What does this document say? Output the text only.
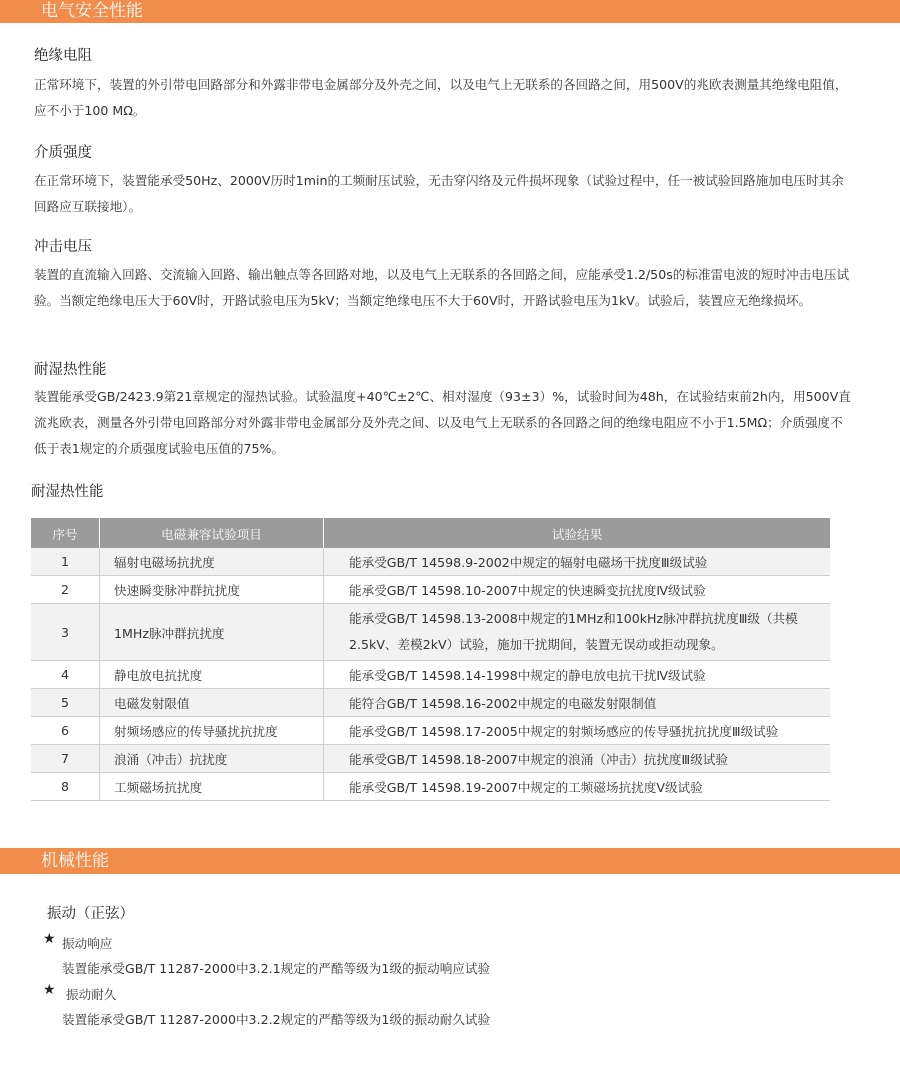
电气安全性能
绝缘电阻
正常环境下，装置的外引带电回路部分和外露非带电金属部分及外壳之间，以及电气上无联系的各回路之间，用500V的兆欧表测量其绝缘电阻值，应不小于100 MΩ。
介质强度
在正常环境下，装置能承受50Hz、2000V历时1min的工频耐压试验，无击穿闪络及元件损坏现象（试验过程中，任一被试验回路施加电压时其余回路应互联接地）。
冲击电压
装置的直流输入回路、交流输入回路、输出触点等各回路对地，以及电气上无联系的各回路之间，应能承受1.2/50s的标准雷电波的短时冲击电压试验。当额定绝缘电压大于60V时，开路试验电压为5kV；当额定绝缘电压不大于60V时，开路试验电压为1kV。试验后，装置应无绝缘损坏。
耐湿热性能
装置能承受GB/2423.9第21章规定的湿热试验。试验温度+40℃±2℃、相对湿度（93±3）%，试验时间为48h，在试验结束前2h内，用500V直流兆欧表，测量各外引带电回路部分对外露非带电金属部分及外壳之间、以及电气上无联系的各回路之间的绝缘电阻应不小于1.5MΩ；介质强度不低于表1规定的介质强度试验电压值的75%。
耐湿热性能
序号	电磁兼容试验项目	试验结果
1	辐射电磁场抗扰度	能承受GB/T 14598.9-2002中规定的辐射电磁场干扰度Ⅲ级试验
2	快速瞬变脉冲群抗扰度	能承受GB/T 14598.10-2007中规定的快速瞬变抗扰度Ⅳ级试验
3	1MHz脉冲群抗扰度	能承受GB/T 14598.13-2008中规定的1MHz和100kHz脉冲群抗扰度Ⅲ级（共模2.5kV、差模2kV）试验，施加干扰期间，装置无误动或拒动现象。
4	静电放电抗扰度	能承受GB/T 14598.14-1998中规定的静电放电抗干扰Ⅳ级试验
5	电磁发射限值	能符合GB/T 14598.16-2002中规定的电磁发射限制值
6	射频场感应的传导骚扰抗扰度	能承受GB/T 14598.17-2005中规定的射频场感应的传导骚扰抗扰度Ⅲ级试验
7	浪涌（冲击）抗扰度	能承受GB/T 14598.18-2007中规定的浪涌（冲击）抗扰度Ⅲ级试验
8	工频磁场抗扰度	能承受GB/T 14598.19-2007中规定的工频磁场抗扰度Ⅴ级试验
机械性能
振动（正弦）
★ 振动响应
装置能承受GB/T 11287-2000中3.2.1规定的严酷等级为1级的振动响应试验
★ 振动耐久
装置能承受GB/T 11287-2000中3.2.2规定的严酷等级为1级的振动耐久试验
